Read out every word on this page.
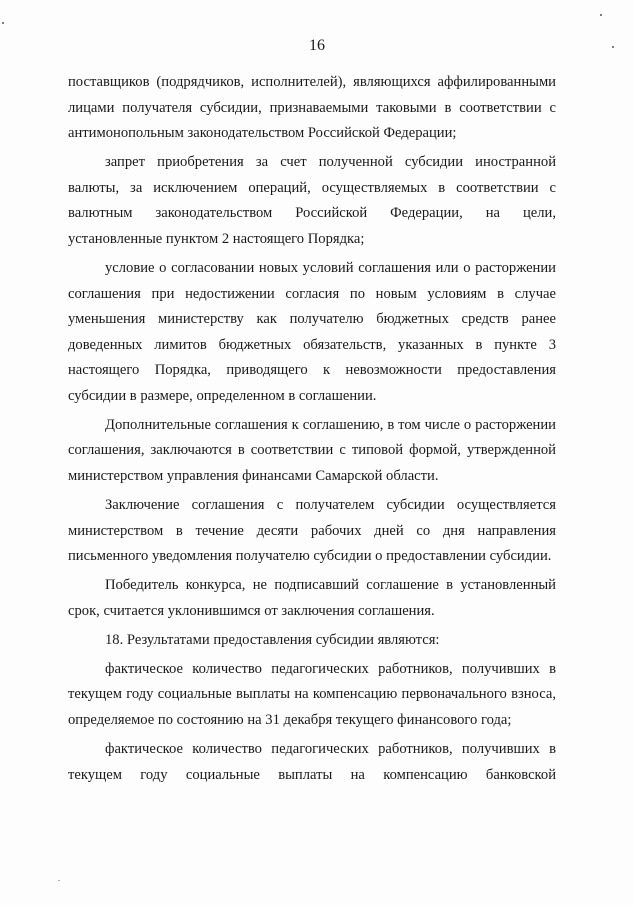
16

поставщиков (подрядчиков, исполнителей), являющихся аффилированными лицами получателя субсидии, признаваемыми таковыми в соответствии с антимонопольным законодательством Российской Федерации;

запрет приобретения за счет полученной субсидии иностранной валюты, за исключением операций, осуществляемых в соответствии с валютным законодательством Российской Федерации, на цели, установленные пунктом 2 настоящего Порядка;

условие о согласовании новых условий соглашения или о расторжении соглашения при недостижении согласия по новым условиям в случае уменьшения министерству как получателю бюджетных средств ранее доведенных лимитов бюджетных обязательств, указанных в пункте 3 настоящего Порядка, приводящего к невозможности предоставления субсидии в размере, определенном в соглашении.

Дополнительные соглашения к соглашению, в том числе о расторжении соглашения, заключаются в соответствии с типовой формой, утвержденной министерством управления финансами Самарской области.

Заключение соглашения с получателем субсидии осуществляется министерством в течение десяти рабочих дней со дня направления письменного уведомления получателю субсидии о предоставлении субсидии.

Победитель конкурса, не подписавший соглашение в установленный срок, считается уклонившимся от заключения соглашения.

18. Результатами предоставления субсидии являются:

фактическое количество педагогических работников, получивших в текущем году социальные выплаты на компенсацию первоначального взноса, определяемое по состоянию на 31 декабря текущего финансового года;

фактическое количество педагогических работников, получивших в текущем году социальные выплаты на компенсацию банковской
